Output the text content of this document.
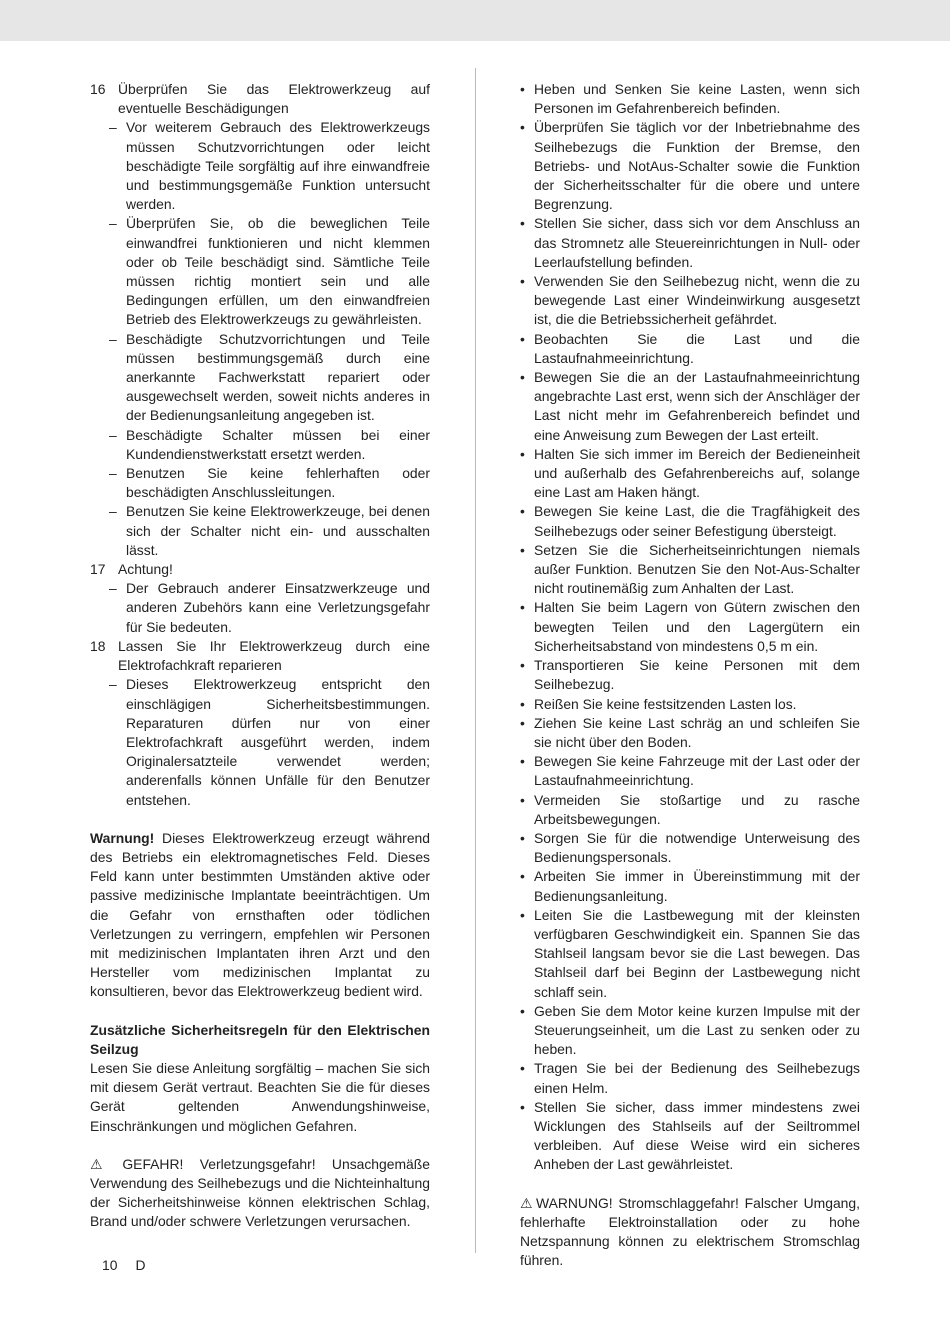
16 Überprüfen Sie das Elektrowerkzeug auf eventuelle Beschädigungen
– Vor weiterem Gebrauch des Elektrowerkzeugs müssen Schutzvorrichtungen oder leicht beschädigte Teile sorgfältig auf ihre einwandfreie und bestimmungsgemäße Funktion untersucht werden.
– Überprüfen Sie, ob die beweglichen Teile einwandfrei funktionieren und nicht klemmen oder ob Teile beschädigt sind. Sämtliche Teile müssen richtig montiert sein und alle Bedingungen erfüllen, um den einwandfreien Betrieb des Elektrowerkzeugs zu gewährleisten.
– Beschädigte Schutzvorrichtungen und Teile müssen bestimmungsgemäß durch eine anerkannte Fachwerkstatt repariert oder ausgewechselt werden, soweit nichts anderes in der Bedienungsanleitung angegeben ist.
– Beschädigte Schalter müssen bei einer Kundendienstwerkstatt ersetzt werden.
– Benutzen Sie keine fehlerhaften oder beschädigten Anschlussleitungen.
– Benutzen Sie keine Elektrowerkzeuge, bei denen sich der Schalter nicht ein- und ausschalten lässt.
17 Achtung!
– Der Gebrauch anderer Einsatzwerkzeuge und anderen Zubehörs kann eine Verletzungsgefahr für Sie bedeuten.
18 Lassen Sie Ihr Elektrowerkzeug durch eine Elektrofachkraft reparieren
– Dieses Elektrowerkzeug entspricht den einschlägigen Sicherheitsbestimmungen. Reparaturen dürfen nur von einer Elektrofachkraft ausgeführt werden, indem Originalersatzteile verwendet werden; anderenfalls können Unfälle für den Benutzer entstehen.

Warnung! Dieses Elektrowerkzeug erzeugt während des Betriebs ein elektromagnetisches Feld. Dieses Feld kann unter bestimmten Umständen aktive oder passive medizinische Implantate beeinträchtigen. Um die Gefahr von ernsthaften oder tödlichen Verletzungen zu verringern, empfehlen wir Personen mit medizinischen Implantaten ihren Arzt und den Hersteller vom medizinischen Implantat zu konsultieren, bevor das Elektrowerkzeug bedient wird.

Zusätzliche Sicherheitsregeln für den Elektrischen Seilzug

Lesen Sie diese Anleitung sorgfältig – machen Sie sich mit diesem Gerät vertraut. Beachten Sie die für dieses Gerät geltenden Anwendungshinweise, Einschränkungen und möglichen Gefahren.

⚠ GEFAHR! Verletzungsgefahr! Unsachgemäße Verwendung des Seilhebezugs und die Nichteinhaltung der Sicherheitshinweise können elektrischen Schlag, Brand und/oder schwere Verletzungen verursachen.

• Heben und Senken Sie keine Lasten, wenn sich Personen im Gefahrenbereich befinden.
• Überprüfen Sie täglich vor der Inbetriebnahme des Seilhebezugs die Funktion der Bremse, den Betriebs- und NotAus-Schalter sowie die Funktion der Sicherheitsschalter für die obere und untere Begrenzung.
• Stellen Sie sicher, dass sich vor dem Anschluss an das Stromnetz alle Steuereinrichtungen in Null- oder Leerlaufstellung befinden.
• Verwenden Sie den Seilhebezug nicht, wenn die zu bewegende Last einer Windeinwirkung ausgesetzt ist, die die Betriebssicherheit gefährdet.
• Beobachten Sie die Last und die Lastaufnahmeeinrichtung.
• Bewegen Sie die an der Lastaufnahmeeinrichtung angebrachte Last erst, wenn sich der Anschläger der Last nicht mehr im Gefahrenbereich befindet und eine Anweisung zum Bewegen der Last erteilt.
• Halten Sie sich immer im Bereich der Bedieneinheit und außerhalb des Gefahrenbereichs auf, solange eine Last am Haken hängt.
• Bewegen Sie keine Last, die die Tragfähigkeit des Seilhebezugs oder seiner Befestigung übersteigt.
• Setzen Sie die Sicherheitseinrichtungen niemals außer Funktion. Benutzen Sie den Not-Aus-Schalter nicht routinemäßig zum Anhalten der Last.
• Halten Sie beim Lagern von Gütern zwischen den bewegten Teilen und den Lagergütern ein Sicherheitsabstand von mindestens 0,5 m ein.
• Transportieren Sie keine Personen mit dem Seilhebezug.
• Reißen Sie keine festsitzenden Lasten los.
• Ziehen Sie keine Last schräg an und schleifen Sie sie nicht über den Boden.
• Bewegen Sie keine Fahrzeuge mit der Last oder der Lastaufnahmeeinrichtung.
• Vermeiden Sie stoßartige und zu rasche Arbeitsbewegungen.
• Sorgen Sie für die notwendige Unterweisung des Bedienungspersonals.
• Arbeiten Sie immer in Übereinstimmung mit der Bedienungsanleitung.
• Leiten Sie die Lastbewegung mit der kleinsten verfügbaren Geschwindigkeit ein. Spannen Sie das Stahlseil langsam bevor sie die Last bewegen. Das Stahlseil darf bei Beginn der Lastbewegung nicht schlaff sein.
• Geben Sie dem Motor keine kurzen Impulse mit der Steuerungseinheit, um die Last zu senken oder zu heben.
• Tragen Sie bei der Bedienung des Seilhebezugs einen Helm.
• Stellen Sie sicher, dass immer mindestens zwei Wicklungen des Stahlseils auf der Seiltrommel verbleiben. Auf diese Weise wird ein sicheres Anheben der Last gewährleistet.

⚠ WARNUNG! Stromschlaggefahr! Falscher Umgang, fehlerhafte Elektroinstallation oder zu hohe Netzspannung können zu elektrischem Stromschlag führen.

10 D
